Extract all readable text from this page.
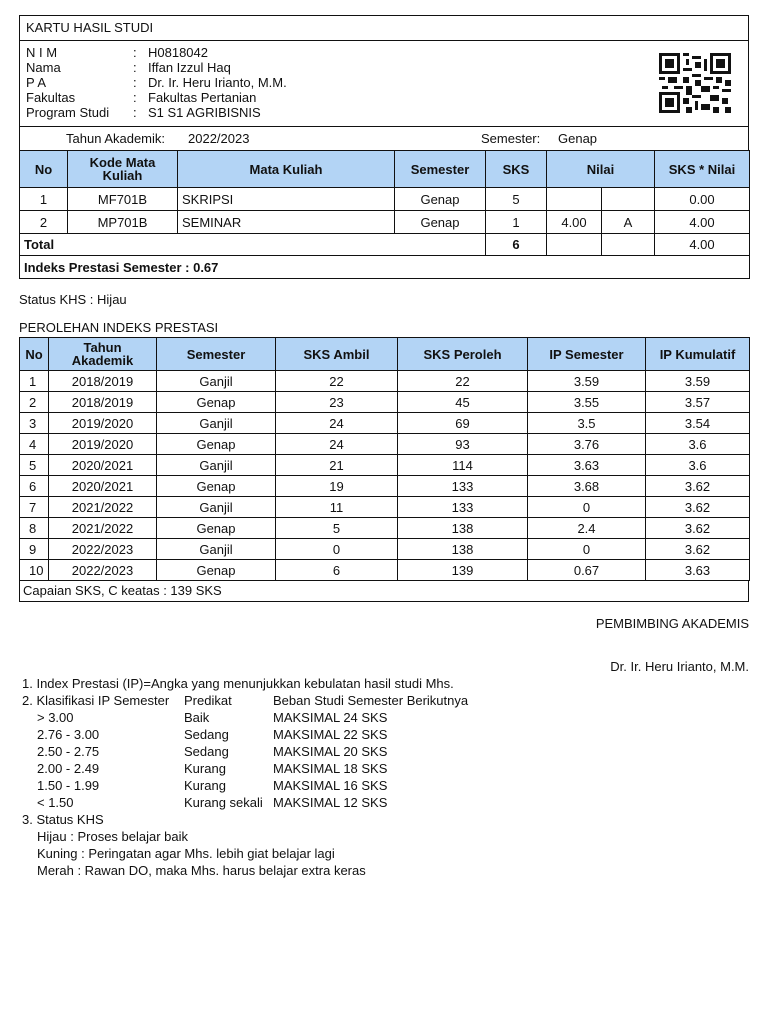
KARTU HASIL STUDI
N I M	: H0818042
Nama	: Iffan Izzul Haq
P A	: Dr. Ir. Heru Irianto, M.M.
Fakultas	: Fakultas Pertanian
Program Studi : S1 S1 AGRIBISNIS
Tahun Akademik: 2022/2023	Semester: Genap
No	Kode Mata Kuliah	Mata Kuliah	Semester	SKS	Nilai		SKS * Nilai
1	MF701B	SKRIPSI	Genap	5			0.00
2	MP701B	SEMINAR	Genap	1	4.00	A	4.00
Total				6			4.00
Indeks Prestasi Semester : 0.67							
Status KHS : Hijau
PEROLEHAN INDEKS PRESTASI
No	Tahun Akademik	Semester	SKS Ambil	SKS Peroleh	IP Semester	IP Kumulatif
1	2018/2019	Ganjil	22	22	3.59	3.59
2	2018/2019	Genap	23	45	3.55	3.57
3	2019/2020	Ganjil	24	69	3.5	3.54
4	2019/2020	Genap	24	93	3.76	3.6
5	2020/2021	Ganjil	21	114	3.63	3.6
6	2020/2021	Genap	19	133	3.68	3.62
7	2021/2022	Ganjil	11	133	0	3.62
8	2021/2022	Genap	5	138	2.4	3.62
9	2022/2023	Ganjil	0	138	0	3.62
10	2022/2023	Genap	6	139	0.67	3.63
Capaian SKS, C keatas : 139 SKS
PEMBIMBING AKADEMIS
Dr. Ir. Heru Irianto, M.M.
1. Index Prestasi (IP)=Angka yang menunjukkan kebulatan hasil studi Mhs.
2. Klasifikasi IP Semester Predikat	Beban Studi Semester Berikutnya
> 3.00	Baik	MAKSIMAL 24 SKS
2.76 - 3.00	Sedang	MAKSIMAL 22 SKS
2.50 - 2.75	Sedang	MAKSIMAL 20 SKS
2.00 - 2.49	Kurang	MAKSIMAL 18 SKS
1.50 - 1.99	Kurang	MAKSIMAL 16 SKS
< 1.50	Kurang sekali MAKSIMAL 12 SKS
3. Status KHS
Hijau : Proses belajar baik
Kuning : Peringatan agar Mhs. lebih giat belajar lagi
Merah : Rawan DO, maka Mhs. harus belajar extra keras
